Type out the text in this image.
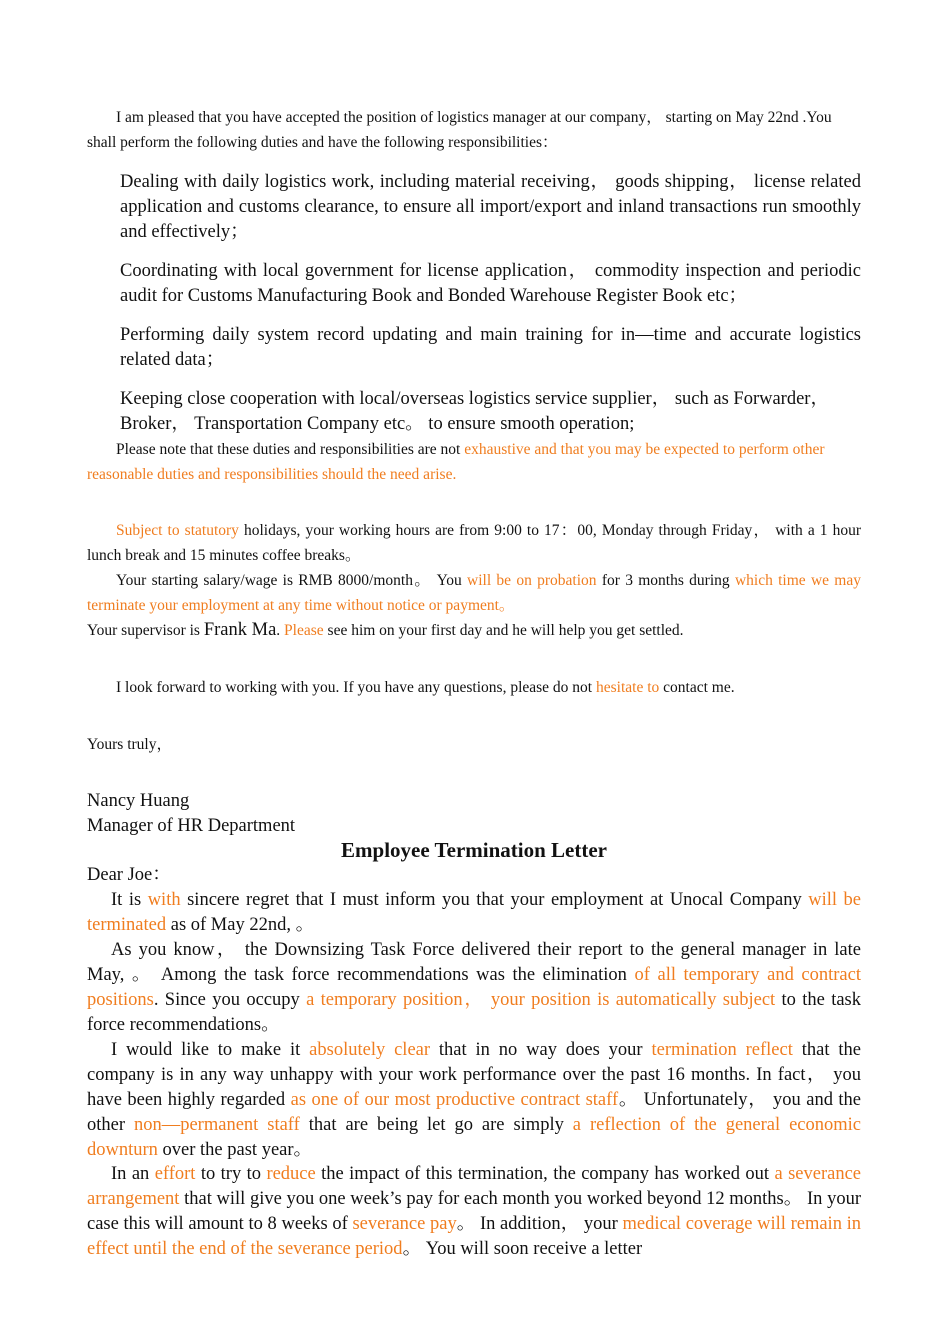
I am pleased that you have accepted the position of logistics manager at our company， starting on May 22nd .You shall perform the following duties and have the following responsibilities：

Dealing with daily logistics work, including material receiving， goods shipping， license related application and customs clearance, to ensure all import/export and inland transactions run smoothly and effectively；

Coordinating with local government for license application， commodity inspection and periodic audit for Customs Manufacturing Book and Bonded Warehouse Register Book etc；

Performing daily system record updating and main training for in—time and accurate logistics related data；

Keeping close cooperation with local/overseas logistics service supplier， such as Forwarder， Broker， Transportation Company etc。 to ensure smooth operation;

Please note that these duties and responsibilities are not exhaustive and that you may be expected to perform other reasonable duties and responsibilities should the need arise.

Subject to statutory holidays, your working hours are from 9:00 to 17：00, Monday through Friday， with a 1 hour lunch break and 15 minutes coffee breaks。

Your starting salary/wage is RMB 8000/month。 You will be on probation for 3 months during which time we may terminate your employment at any time without notice or payment。

Your supervisor is Frank Ma. Please see him on your first day and he will help you get settled.

I look forward to working with you. If you have any questions, please do not hesitate to contact me.

Yours truly，

Nancy Huang

Manager of HR Department

Employee Termination Letter

Dear Joe：

It is with sincere regret that I must inform you that your employment at Unocal Company will be terminated as of May 22nd, 。

As you know， the Downsizing Task Force delivered their report to the general manager in late May, 。 Among the task force recommendations was the elimination of all temporary and contract positions. Since you occupy a temporary position， your position is automatically subject to the task force recommendations。

I would like to make it absolutely clear that in no way does your termination reflect that the company is in any way unhappy with your work performance over the past 16 months. In fact， you have been highly regarded as one of our most productive contract staff。 Unfortunately， you and the other non—permanent staff that are being let go are simply a reflection of the general economic downturn over the past year。

In an effort to try to reduce the impact of this termination, the company has worked out a severance arrangement that will give you one week’s pay for each month you worked beyond 12 months。 In your case this will amount to 8 weeks of severance pay。 In addition， your medical coverage will remain in effect until the end of the severance period。 You will soon receive a letter
